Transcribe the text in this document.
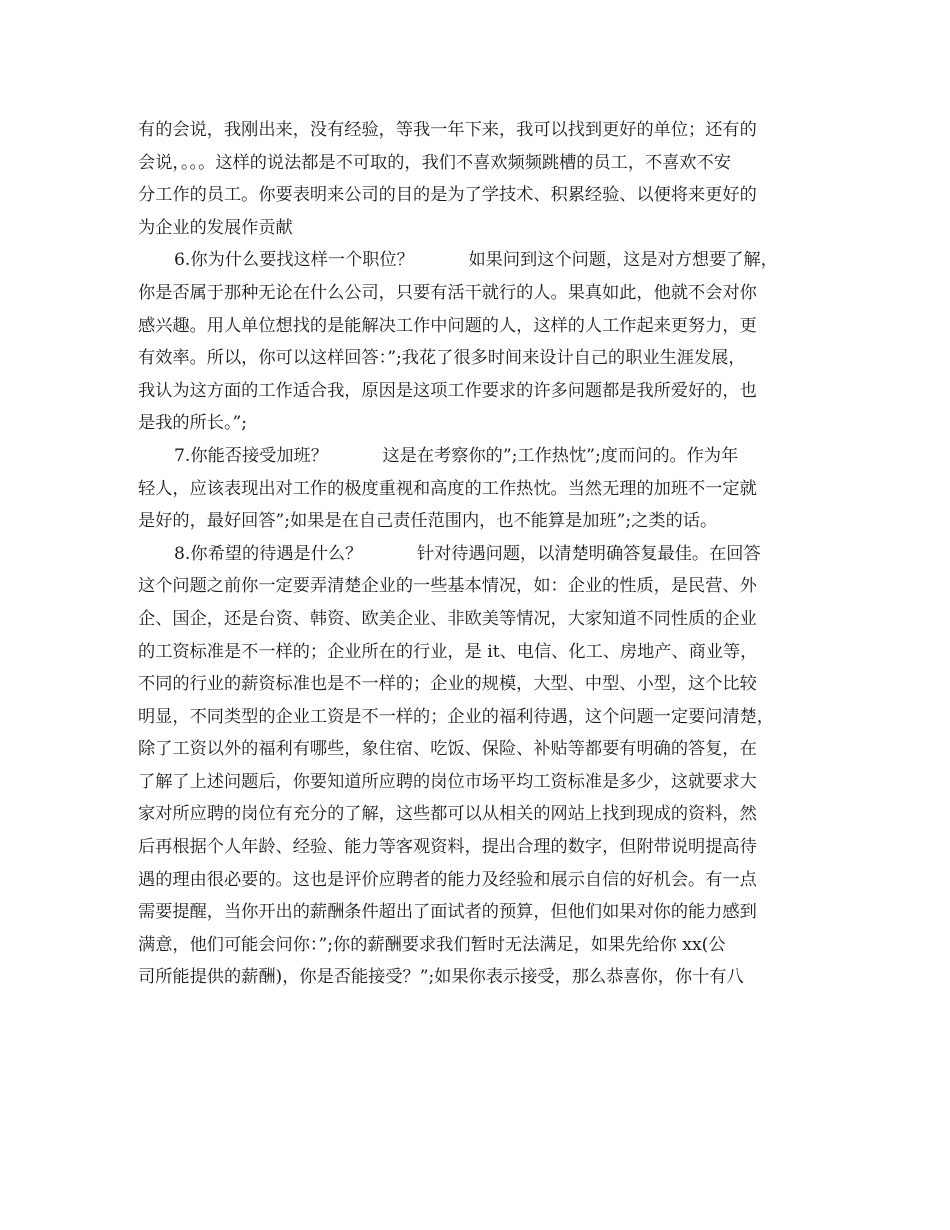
有的会说，我刚出来，没有经验，等我一年下来，我可以找到更好的单位；还有的
会说，。。。这样的说法都是不可取的，我们不喜欢频频跳槽的员工，不喜欢不安
分工作的员工。你要表明来公司的目的是为了学技术、积累经验、以便将来更好的
为企业的发展作贡献
6.你为什么要找这样一个职位？          如果问到这个问题，这是对方想要了解，
你是否属于那种无论在什么公司，只要有活干就行的人。果真如此，他就不会对你
感兴趣。用人单位想找的是能解决工作中问题的人，这样的人工作起来更努力，更
有效率。所以，你可以这样回答：”;我花了很多时间来设计自己的职业生涯发展，
我认为这方面的工作适合我，原因是这项工作要求的许多问题都是我所爱好的，也
是我的所长。”;
7.你能否接受加班？          这是在考察你的”;工作热忱”;度而问的。作为年
轻人，应该表现出对工作的极度重视和高度的工作热忱。当然无理的加班不一定就
是好的，最好回答”;如果是在自己责任范围内，也不能算是加班”;之类的话。
8.你希望的待遇是什么？          针对待遇问题，以清楚明确答复最佳。在回答
这个问题之前你一定要弄清楚企业的一些基本情况，如：企业的性质，是民营、外
企、国企，还是台资、韩资、欧美企业、非欧美等情况，大家知道不同性质的企业
的工资标准是不一样的；企业所在的行业，是 it、电信、化工、房地产、商业等，
不同的行业的薪资标准也是不一样的；企业的规模，大型、中型、小型，这个比较
明显，不同类型的企业工资是不一样的；企业的福利待遇，这个问题一定要问清楚，
除了工资以外的福利有哪些，象住宿、吃饭、保险、补贴等都要有明确的答复，在
了解了上述问题后，你要知道所应聘的岗位市场平均工资标准是多少，这就要求大
家对所应聘的岗位有充分的了解，这些都可以从相关的网站上找到现成的资料，然
后再根据个人年龄、经验、能力等客观资料，提出合理的数字，但附带说明提高待
遇的理由很必要的。这也是评价应聘者的能力及经验和展示自信的好机会。有一点
需要提醒，当你开出的薪酬条件超出了面试者的预算，但他们如果对你的能力感到
满意，他们可能会问你：”;你的薪酬要求我们暂时无法满足，如果先给你 xx(公
司所能提供的薪酬)，你是否能接受？”;如果你表示接受，那么恭喜你，你十有八
